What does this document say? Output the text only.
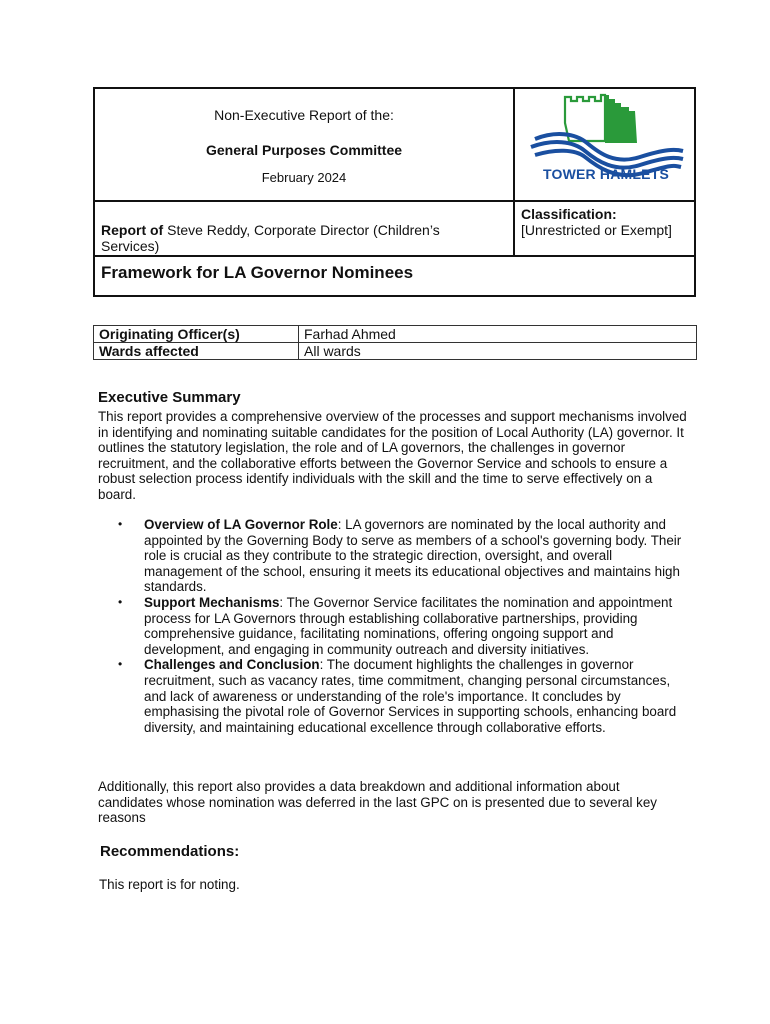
Non-Executive Report of the:
General Purposes Committee
February 2024	TOWER HAMLETS
Report of Steve Reddy, Corporate Director (Children’s Services)
Classification:
[Unrestricted or Exempt]
Framework for LA Governor Nominees
Originating Officer(s)	Farhad Ahmed
Wards affected	All wards
Executive Summary
This report provides a comprehensive overview of the processes and support mechanisms involved in identifying and nominating suitable candidates for the position of Local Authority (LA) governor. It outlines the statutory legislation, the role and of LA governors, the challenges in governor recruitment, and the collaborative efforts between the Governor Service and schools to ensure a robust selection process identify individuals with the skill and the time to serve effectively on a board.
• Overview of LA Governor Role: LA governors are nominated by the local authority and appointed by the Governing Body to serve as members of a school's governing body. Their role is crucial as they contribute to the strategic direction, oversight, and overall management of the school, ensuring it meets its educational objectives and maintains high standards.
• Support Mechanisms: The Governor Service facilitates the nomination and appointment process for LA Governors through establishing collaborative partnerships, providing comprehensive guidance, facilitating nominations, offering ongoing support and development, and engaging in community outreach and diversity initiatives.
• Challenges and Conclusion: The document highlights the challenges in governor recruitment, such as vacancy rates, time commitment, changing personal circumstances, and lack of awareness or understanding of the role's importance. It concludes by emphasising the pivotal role of Governor Services in supporting schools, enhancing board diversity, and maintaining educational excellence through collaborative efforts.
Additionally, this report also provides a data breakdown and additional information about candidates whose nomination was deferred in the last GPC on is presented due to several key reasons
Recommendations:
This report is for noting.
